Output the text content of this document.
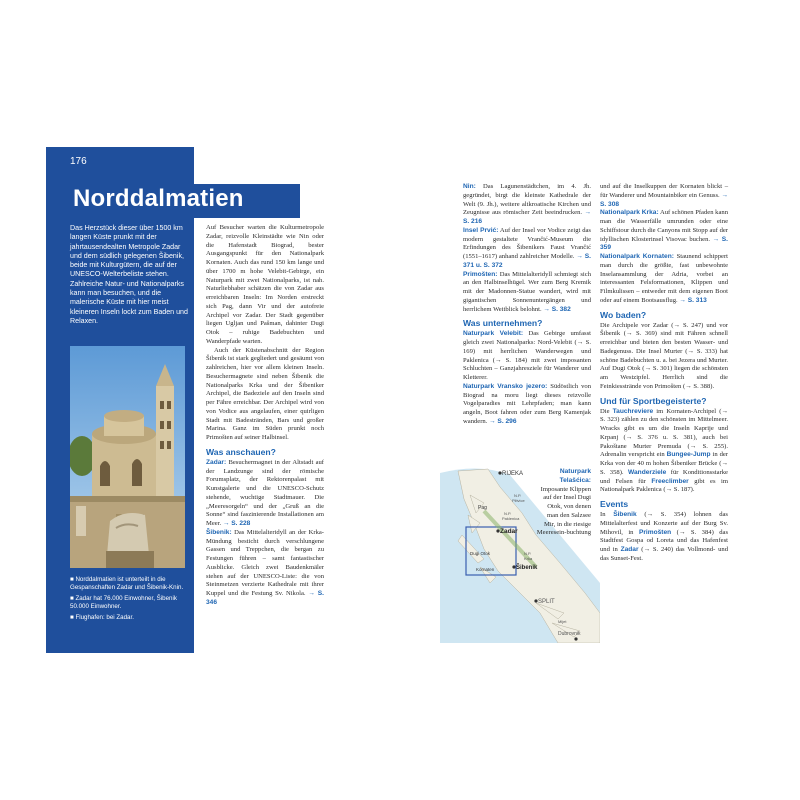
176
Norddalmatien
Das Herzstück dieser über 1500 km langen Küste prunkt mit der jahrtausendealten Metropole Zadar und dem südlich gelegenen Šibenik, beide mit Kulturgütern, die auf der UNESCO-Welterbeliste stehen. Zahlreiche Natur- und Nationalparks kann man besuchen, und die malerische Küste mit hier meist kleineren Inseln lockt zum Baden und Relaxen.

■ Norddalmatien ist unterteilt in die Gespanschaften Zadar und Šibenik-Knin.

■ Zadar hat 76.000 Einwohner, Šibenik 50.000 Einwohner.

■ Flughafen: bei Zadar.

Auf Besucher warten die Kulturmetropole Zadar, reizvolle Kleinstädte wie Nin oder die Hafenstadt Biograd, bester Ausgangspunkt für den Nationalpark Kornaten. Auch das rund 150 km lange und über 1700 m hohe Velebit-Gebirge, ein Naturpark mit zwei Nationalparks, ist nah. Naturliebhaber schätzen die von Zadar aus erreichbaren Inseln: Im Norden erstreckt sich Pag, dann Vir und der autofreie Archipel vor Zadar. Der Stadt gegenüber liegen Ugljan und Pašman, dahinter Dugi Otok – ruhige Badebuchten und Wanderpfade warten.

Auch der Küstenabschnitt der Region Šibenik ist stark gegliedert und gesäumt von zahlreichen, hier vor allem kleinen Inseln. Besuchermagnete sind neben Šibenik die Nationalparks Krka und der Šibeniker Archipel, die Badeziele auf den Inseln sind per Fähre erreichbar. Der Archipel wird von von Vodice aus angelaufen, einer quirligen Stadt mit Badestränden, Bars und großer Marina. Ganz im Süden prunkt noch Primošten auf seiner Halbinsel.

Was anschauen?

Zadar: Besuchermagnet in der Altstadt auf der Landzunge sind der römische Forumsplatz, der Rektorenpalast mit Kunstgalerie und die UNESCO-Schutz stehende, wuchtige Stadtmauer. Die „Meeresorgeln“ und der „Gruß an die Sonne“ sind faszinierende Installationen am Meer. → S. 228

Šibenik: Das Mittelalteridyll an der Krka-Mündung besticht durch verschlungene Gassen und Treppchen, die bergan zu Festungen führen – samt fantastischer Ausblicke. Gleich zwei Baudenkmäler stehen auf der UNESCO-Liste: die von Steinmetzen verzierte Kathedrale mit ihrer Kuppel und die Festung Sv. Nikola. → S. 346

Nin: Das Lagunenstädtchen, im 4. Jh. gegründet, birgt die kleinste Kathedrale der Welt (9. Jh.), weitere altkroatische Kirchen und Zeugnisse aus römischer Zeit beeindrucken. → S. 216

Insel Prvić: Auf der Insel vor Vodice zeigt das modern gestaltete Vrančić-Museum die Erfindungen des Šibenikers Faust Vrančić (1551–1617) anhand zahlreicher Modelle. → S. 371 u. S. 372

Primošten: Das Mittelalteridyll schmiegt sich an den Halbinselhügel. Wer zum Berg Kremik mit der Madonnen-Statue wandert, wird mit gigantischen Sonnenuntergängen und herrlichem Weitblick belohnt. → S. 382

Was unternehmen?

Naturpark Velebit: Das Gebirge umfasst gleich zwei Nationalparks: Nord-Velebit (→ S. 169) mit herrlichen Wanderwegen und Paklenica (→ S. 184) mit zwei imposanten Schluchten – Ganzjahresziele für Wanderer und Kletterer.

Naturpark Vransko jezero: Südöstlich von Biograd na moru liegt dieses reizvolle Vogelparadies mit Lehrpfaden; man kann angeln, Boot fahren oder zum Berg Kamenjak wandern. → S. 296

RIJEKA
Pag
Zadar
Dugi Otok
Kornaten	Šibenik
SPLIT
Dubrovnik
N.P.
Plitvice
N.P.
Paklenica
N.P.
Krka
Mljet
Naturpark Telašćica: Imposante Klippen auf der Insel Dugi Otok, von denen man den Salzsee Mir, in die riesige Meeresein-buchtung

und auf die Inselkuppen der Kornaten blickt – für Wanderer und Mountainbiker ein Genuss. → S. 308

Nationalpark Krka: Auf schönen Pfaden kann man die Wasserfälle umrunden oder eine Schiffstour durch die Canyons mit Stopp auf der idyllischen Klosterinsel Visovac buchen. → S. 359

Nationalpark Kornaten: Staunend schippert man durch die größte, fast unbewohnte Inselansammlung der Adria, vorbei an interessanten Felsformationen, Klippen und Filmkulissen – entweder mit dem eigenen Boot oder auf einem Bootsausflug. → S. 313

Wo baden?

Die Archipele vor Zadar (→ S. 247) und vor Šibenik (→ S. 369) sind mit Fähren schnell erreichbar und bieten den besten Wasser- und Badegenuss. Die Insel Murter (→ S. 333) hat schöne Badebuchten u. a. bei Jezera und Murter. Auf Dugi Otok (→ S. 301) liegen die schönsten am Westzipfel. Herrlich sind die Feinkiesstrände von Primošten (→ S. 388).

Und für Sportbegeisterte?

Die Tauchreviere im Kornaten-Archipel (→ S. 323) zählen zu den schönsten im Mittelmeer. Wracks gibt es um die Inseln Kaprije und Krpanj (→ S. 376 u. S. 381), auch bei Pakoštane Murter Premuda (→ S. 255). Adrenalin verspricht ein Bungee-Jump in der Krka von der 40 m hohen Šibeniker Brücke (→ S. 358). Wanderziele für Konditionsstarke und Felsen für Freeclimber gibt es im Nationalpark Paklenica (→ S. 187).

Events

In Šibenik (→ S. 354) lohnen das Mittelalterfest und Konzerte auf der Burg Sv. Mihovil, in Primošten (→ S. 384) das Stadtfest Gospa od Loreta und das Hafenfest und in Zadar (→ S. 240) das Vollmond- und das Sunset-Fest.
